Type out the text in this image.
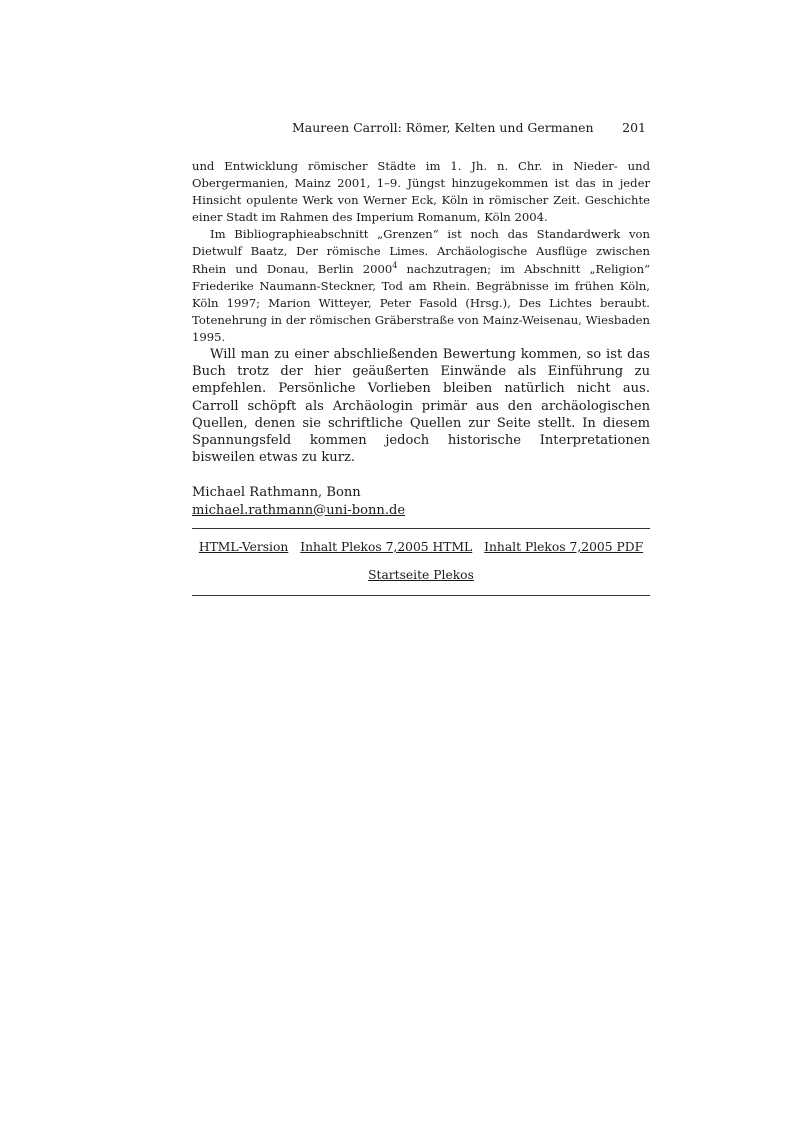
Maureen Carroll: Römer, Kelten und Germanen 201

und Entwicklung römischer Städte im 1. Jh. n. Chr. in Nieder- und Obergermanien, Mainz 2001, 1–9. Jüngst hinzugekommen ist das in jeder Hinsicht opulente Werk von Werner Eck, Köln in römischer Zeit. Geschichte einer Stadt im Rahmen des Imperium Romanum, Köln 2004.

Im Bibliographieabschnitt „Grenzen“ ist noch das Standardwerk von Dietwulf Baatz, Der römische Limes. Archäologische Ausflüge zwischen Rhein und Donau, Berlin 2000$^4$ nachzutragen; im Abschnitt „Religion“ Friederike Naumann-Steckner, Tod am Rhein. Begräbnisse im frühen Köln, Köln 1997; Marion Witteyer, Peter Fasold (Hrsg.), Des Lichtes beraubt. Totenehrung in der römischen Gräberstraße von Mainz-Weisenau, Wiesbaden 1995.

Will man zu einer abschließenden Bewertung kommen, so ist das Buch trotz der hier geäußerten Einwände als Einführung zu empfehlen. Persönliche Vorlieben bleiben natürlich nicht aus. Carroll schöpft als Archäologin primär aus den archäologischen Quellen, denen sie schriftliche Quellen zur Seite stellt. In diesem Spannungsfeld kommen jedoch historische Interpretationen bisweilen etwas zu kurz.

Michael Rathmann, Bonn
michael.rathmann@uni-bonn.de
HTML-Version Inhalt Plekos 7,2005 HTML Inhalt Plekos 7,2005 PDF
Startseite Plekos
